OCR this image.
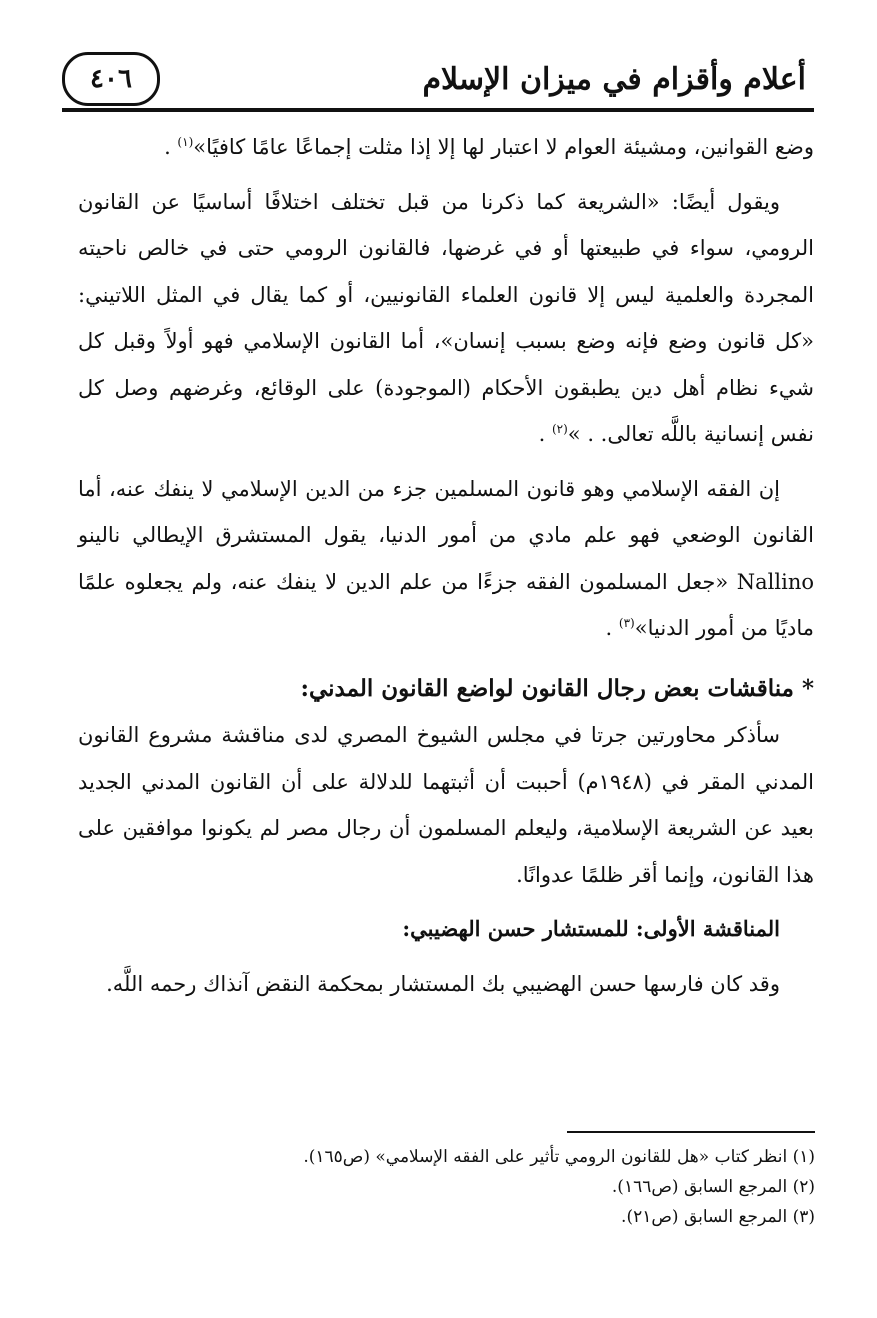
أعلام وأقزام في ميزان الإسلام
٤٠٦

وضع القوانين، ومشيئة العوام لا اعتبار لها إلا إذا مثلت إجماعًا عامًا كافيًا»$^{(١)}$ .

ويقول أيضًا: «الشريعة كما ذكرنا من قبل تختلف اختلافًا أساسيًا عن القانون الرومي، سواء في طبيعتها أو في غرضها، فالقانون الرومي حتى في خالص ناحيته المجردة والعلمية ليس إلا قانون العلماء القانونيين، أو كما يقال في المثل اللاتيني: «كل قانون وضع فإنه وضع بسبب إنسان»، أما القانون الإسلامي فهو أولاً وقبل كل شيء نظام أهل دين يطبقون الأحكام (الموجودة) على الوقائع، وغرضهم وصل كل نفس إنسانية باللَّه تعالى. . »$^{(٢)}$ .

إن الفقه الإسلامي وهو قانون المسلمين جزء من الدين الإسلامي لا ينفك عنه، أما القانون الوضعي فهو علم مادي من أمور الدنيا، يقول المستشرق الإيطالي نالينو Nallino «جعل المسلمون الفقه جزءًا من علم الدين لا ينفك عنه، ولم يجعلوه علمًا ماديًا من أمور الدنيا»$^{(٣)}$ .

* مناقشات بعض رجال القانون لواضع القانون المدني:

سأذكر محاورتين جرتا في مجلس الشيوخ المصري لدى مناقشة مشروع القانون المدني المقر في (١٩٤٨م) أحببت أن أثبتهما للدلالة على أن القانون المدني الجديد بعيد عن الشريعة الإسلامية، وليعلم المسلمون أن رجال مصر لم يكونوا موافقين على هذا القانون، وإنما أقر ظلمًا عدوانًا.

المناقشة الأولى: للمستشار حسن الهضيبي:

وقد كان فارسها حسن الهضيبي بك المستشار بمحكمة النقض آنذاك رحمه اللَّه.

(١) انظر كتاب «هل للقانون الرومي تأثير على الفقه الإسلامي» (ص١٦٥).

(٢) المرجع السابق (ص١٦٦).

(٣) المرجع السابق (ص٢١).
